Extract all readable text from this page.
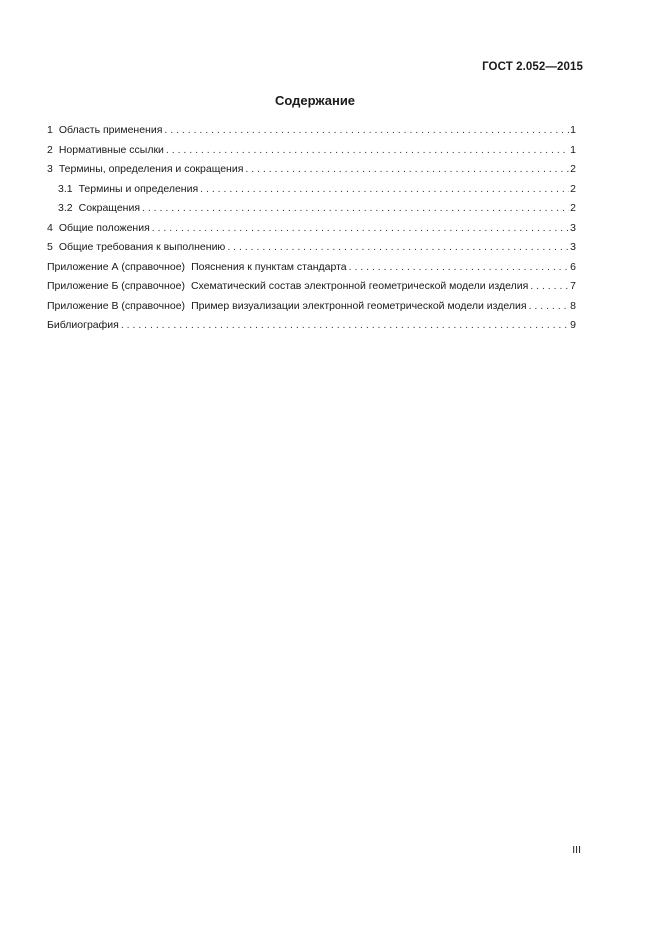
ГОСТ 2.052—2015
Содержание
1 Область применения . . .	1
2 Нормативные ссылки . . .	1
3 Термины, определения и сокращения . . .	2
3.1 Термины и определения . . .	2
3.2 Сокращения . . .	2
4 Общие положения . . .	3
5 Общие требования к выполнению . . .	3
Приложение А (справочное) Пояснения к пунктам стандарта . . .	6
Приложение Б (справочное) Схематический состав электронной геометрической модели изделия . . .	7
Приложение В (справочное) Пример визуализации электронной геометрической модели изделия . . .	8
Библиография . . .	9
III
